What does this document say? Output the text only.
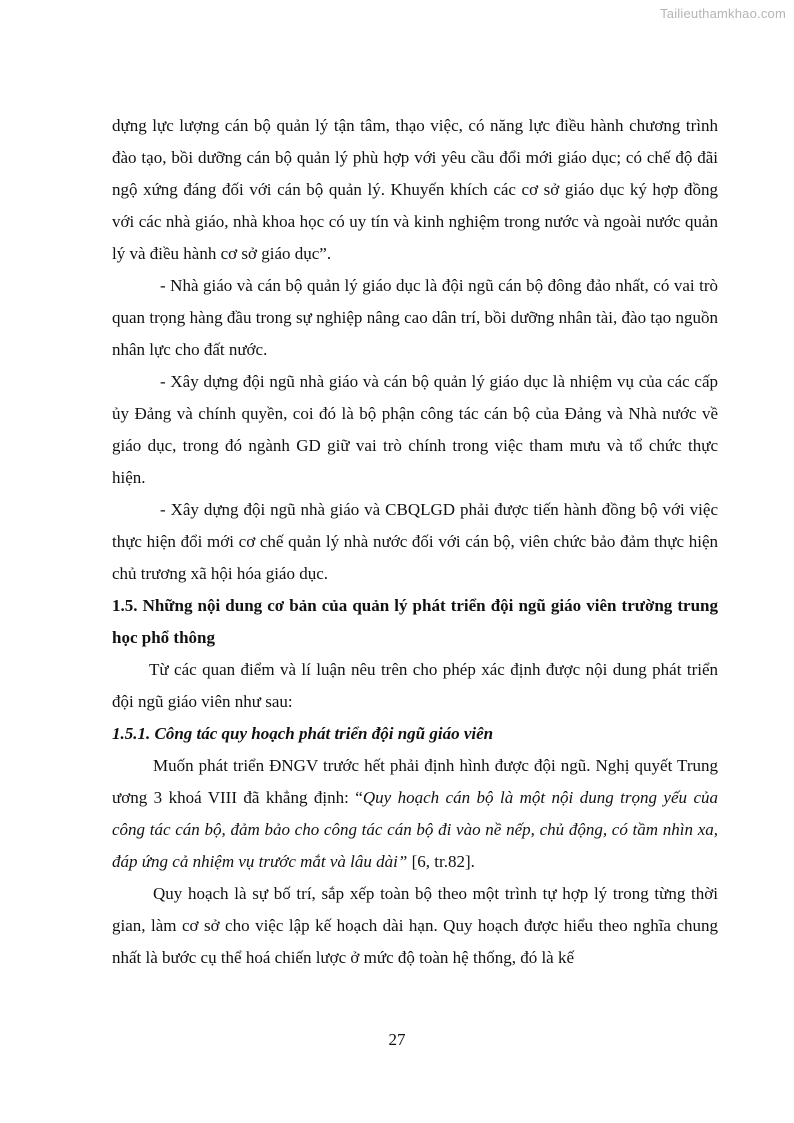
Tailieuthamkhao.com

dựng lực lượng cán bộ quản lý tận tâm, thạo việc, có năng lực điều hành chương trình đào tạo, bồi dưỡng cán bộ quản lý phù hợp với yêu cầu đổi mới giáo dục; có chế độ đãi ngộ xứng đáng đối với cán bộ quản lý. Khuyến khích các cơ sở giáo dục ký hợp đồng với các nhà giáo, nhà khoa học có uy tín và kinh nghiệm trong nước và ngoài nước quản lý và điều hành cơ sở giáo dục”.

- Nhà giáo và cán bộ quản lý giáo dục là đội ngũ cán bộ đông đảo nhất, có vai trò quan trọng hàng đầu trong sự nghiệp nâng cao dân trí, bồi dưỡng nhân tài, đào tạo nguồn nhân lực cho đất nước.

- Xây dựng đội ngũ nhà giáo và cán bộ quản lý giáo dục là nhiệm vụ của các cấp ủy Đảng và chính quyền, coi đó là bộ phận công tác cán bộ của Đảng và Nhà nước về giáo dục, trong đó ngành GD giữ vai trò chính trong việc tham mưu và tổ chức thực hiện.

- Xây dựng đội ngũ nhà giáo và CBQLGD phải được tiến hành đồng bộ với việc thực hiện đổi mới cơ chế quản lý nhà nước đối với cán bộ, viên chức bảo đảm thực hiện chủ trương xã hội hóa giáo dục.

1.5. Những nội dung cơ bản của quản lý phát triển đội ngũ giáo viên trường trung học phổ thông

Từ các quan điểm và lí luận nêu trên cho phép xác định được nội dung phát triển đội ngũ giáo viên như sau:

1.5.1. Công tác quy hoạch phát triển đội ngũ giáo viên

Muốn phát triển ĐNGV trước hết phải định hình được đội ngũ. Nghị quyết Trung ương 3 khoá VIII đã khẳng định: “Quy hoạch cán bộ là một nội dung trọng yếu của công tác cán bộ, đảm bảo cho công tác cán bộ đi vào nề nếp, chủ động, có tầm nhìn xa, đáp ứng cả nhiệm vụ trước mắt và lâu dài” [6, tr.82].

Quy hoạch là sự bố trí, sắp xếp toàn bộ theo một trình tự hợp lý trong từng thời gian, làm cơ sở cho việc lập kế hoạch dài hạn. Quy hoạch được hiểu theo nghĩa chung nhất là bước cụ thể hoá chiến lược ở mức độ toàn hệ thống, đó là kế

27
